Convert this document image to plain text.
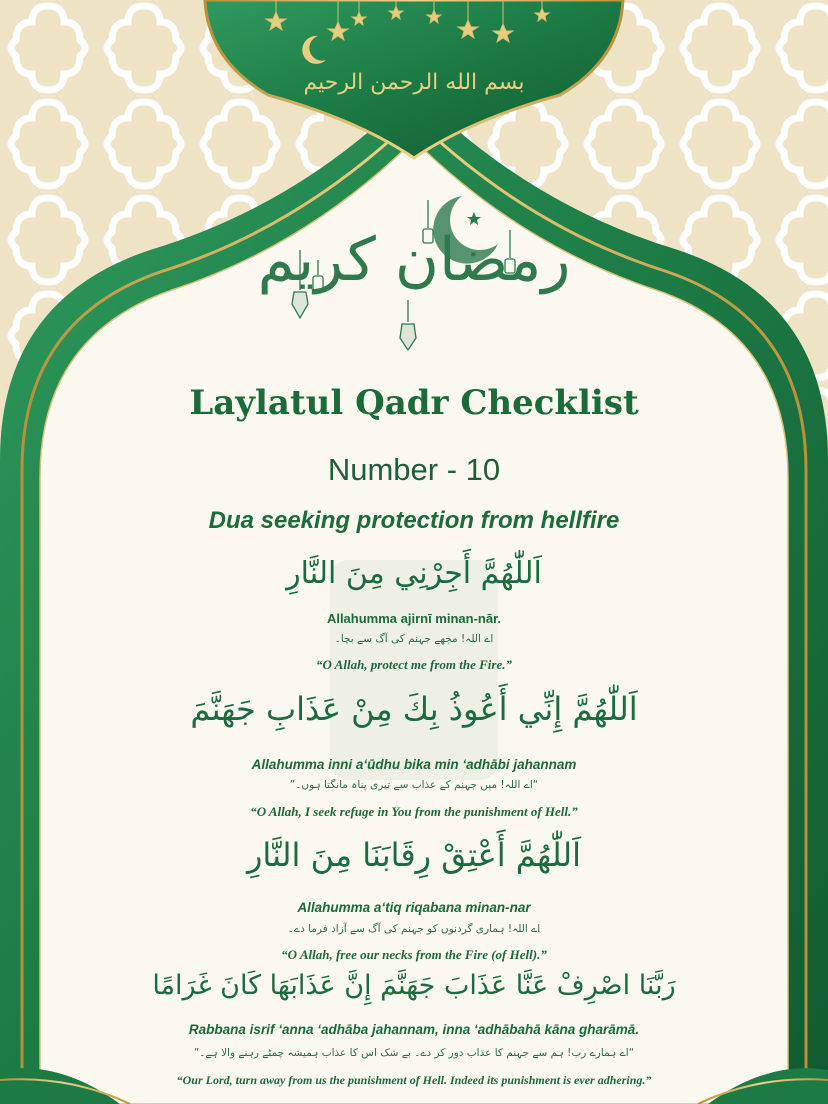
بسم الله الرحمن الرحيم
رمضان كريم
Laylatul Qadr Checklist
Number - 10
Dua seeking protection from hellfire
اَللّٰهُمَّ أَجِرْنِي مِنَ النَّارِ
Allahumma ajirnī minan-nār.
اے اللہ! مجھے جہنم کی آگ سے بچا۔
“O Allah, protect me from the Fire.”
اَللّٰهُمَّ إِنِّي أَعُوذُ بِكَ مِنْ عَذَابِ جَهَنَّمَ
Allahumma inni a‘ūdhu bika min ‘adhābi jahannam
“اے اللہ! میں جہنم کے عذاب سے تیری پناہ مانگتا ہوں۔”
“O Allah, I seek refuge in You from the punishment of Hell.”
اَللّٰهُمَّ أَعْتِقْ رِقَابَنَا مِنَ النَّارِ
Allahumma a‘tiq riqabana minan-nar
اے اللہ! ہماری گردنوں کو جہنم کی آگ سے آزاد فرما دے۔
“O Allah, free our necks from the Fire (of Hell).”
رَبَّنَا اصْرِفْ عَنَّا عَذَابَ جَهَنَّمَ إِنَّ عَذَابَهَا كَانَ غَرَامًا
Rabbana isrif ‘anna ‘adhāba jahannam, inna ‘adhābahā kāna gharāmā.
“اے ہمارے رب! ہم سے جہنم کا عذاب دور کر دے۔ بے شک اس کا عذاب ہمیشہ چمٹے رہنے والا ہے۔”
“Our Lord, turn away from us the punishment of Hell. Indeed its punishment is ever adhering.”
